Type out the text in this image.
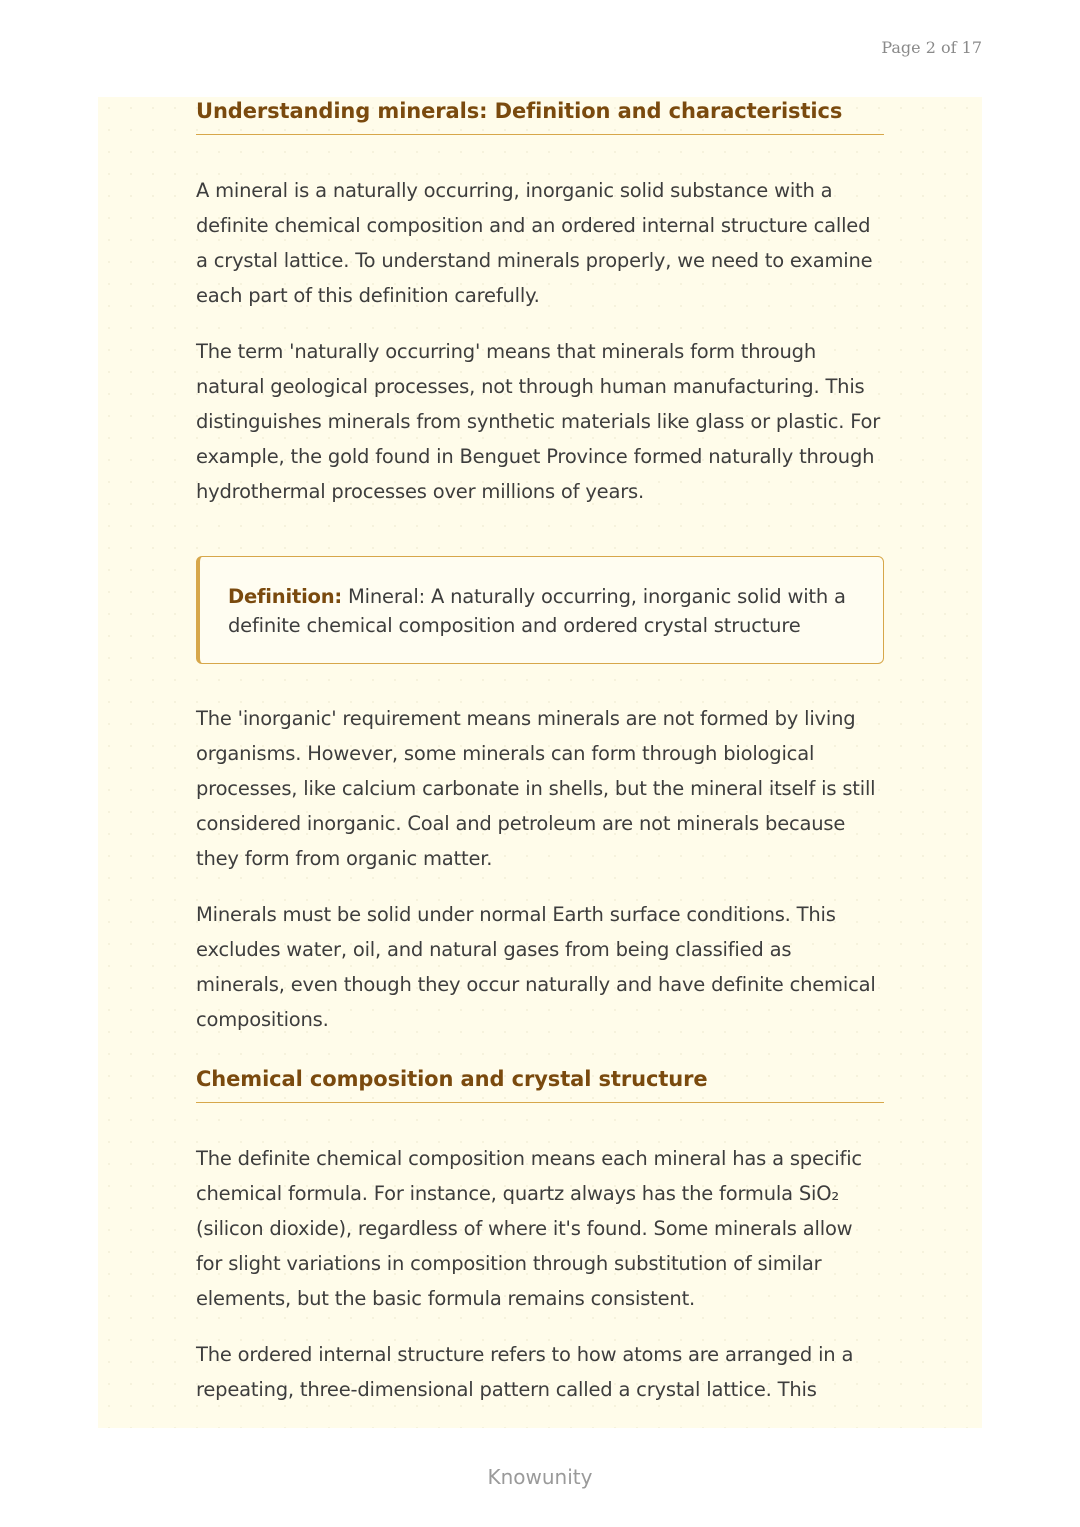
Page 2 of 17
Understanding minerals: Definition and characteristics

A mineral is a naturally occurring, inorganic solid substance with a definite chemical composition and an ordered internal structure called a crystal lattice. To understand minerals properly, we need to examine each part of this definition carefully.

The term 'naturally occurring' means that minerals form through natural geological processes, not through human manufacturing. This distinguishes minerals from synthetic materials like glass or plastic. For example, the gold found in Benguet Province formed naturally through hydrothermal processes over millions of years.

Definition: Mineral: A naturally occurring, inorganic solid with a definite chemical composition and ordered crystal structure

The 'inorganic' requirement means minerals are not formed by living organisms. However, some minerals can form through biological processes, like calcium carbonate in shells, but the mineral itself is still considered inorganic. Coal and petroleum are not minerals because they form from organic matter.

Minerals must be solid under normal Earth surface conditions. This excludes water, oil, and natural gases from being classified as minerals, even though they occur naturally and have definite chemical compositions.

Chemical composition and crystal structure

The definite chemical composition means each mineral has a specific chemical formula. For instance, quartz always has the formula SiO₂ (silicon dioxide), regardless of where it's found. Some minerals allow for slight variations in composition through substitution of similar elements, but the basic formula remains consistent.

The ordered internal structure refers to how atoms are arranged in a repeating, three-dimensional pattern called a crystal lattice. This

Knowunity
